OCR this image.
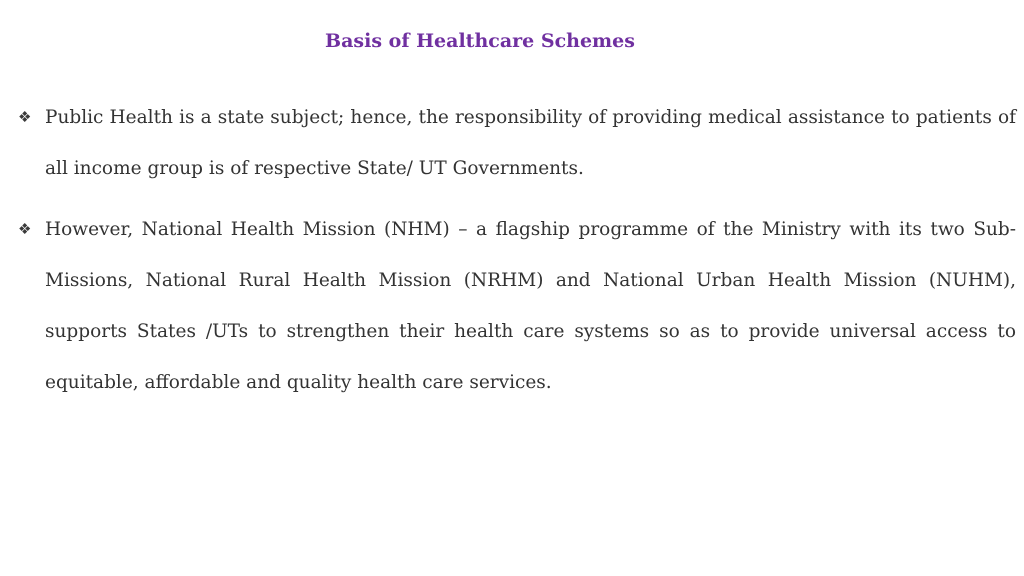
Basis of Healthcare Schemes
❖ Public Health is a state subject; hence, the responsibility of providing medical assistance to patients of all income group is of respective State/ UT Governments.
❖ However, National Health Mission (NHM) – a flagship programme of the Ministry with its two Sub-Missions, National Rural Health Mission (NRHM) and National Urban Health Mission (NUHM), supports States /UTs to strengthen their health care systems so as to provide universal access to equitable, affordable and quality health care services.
